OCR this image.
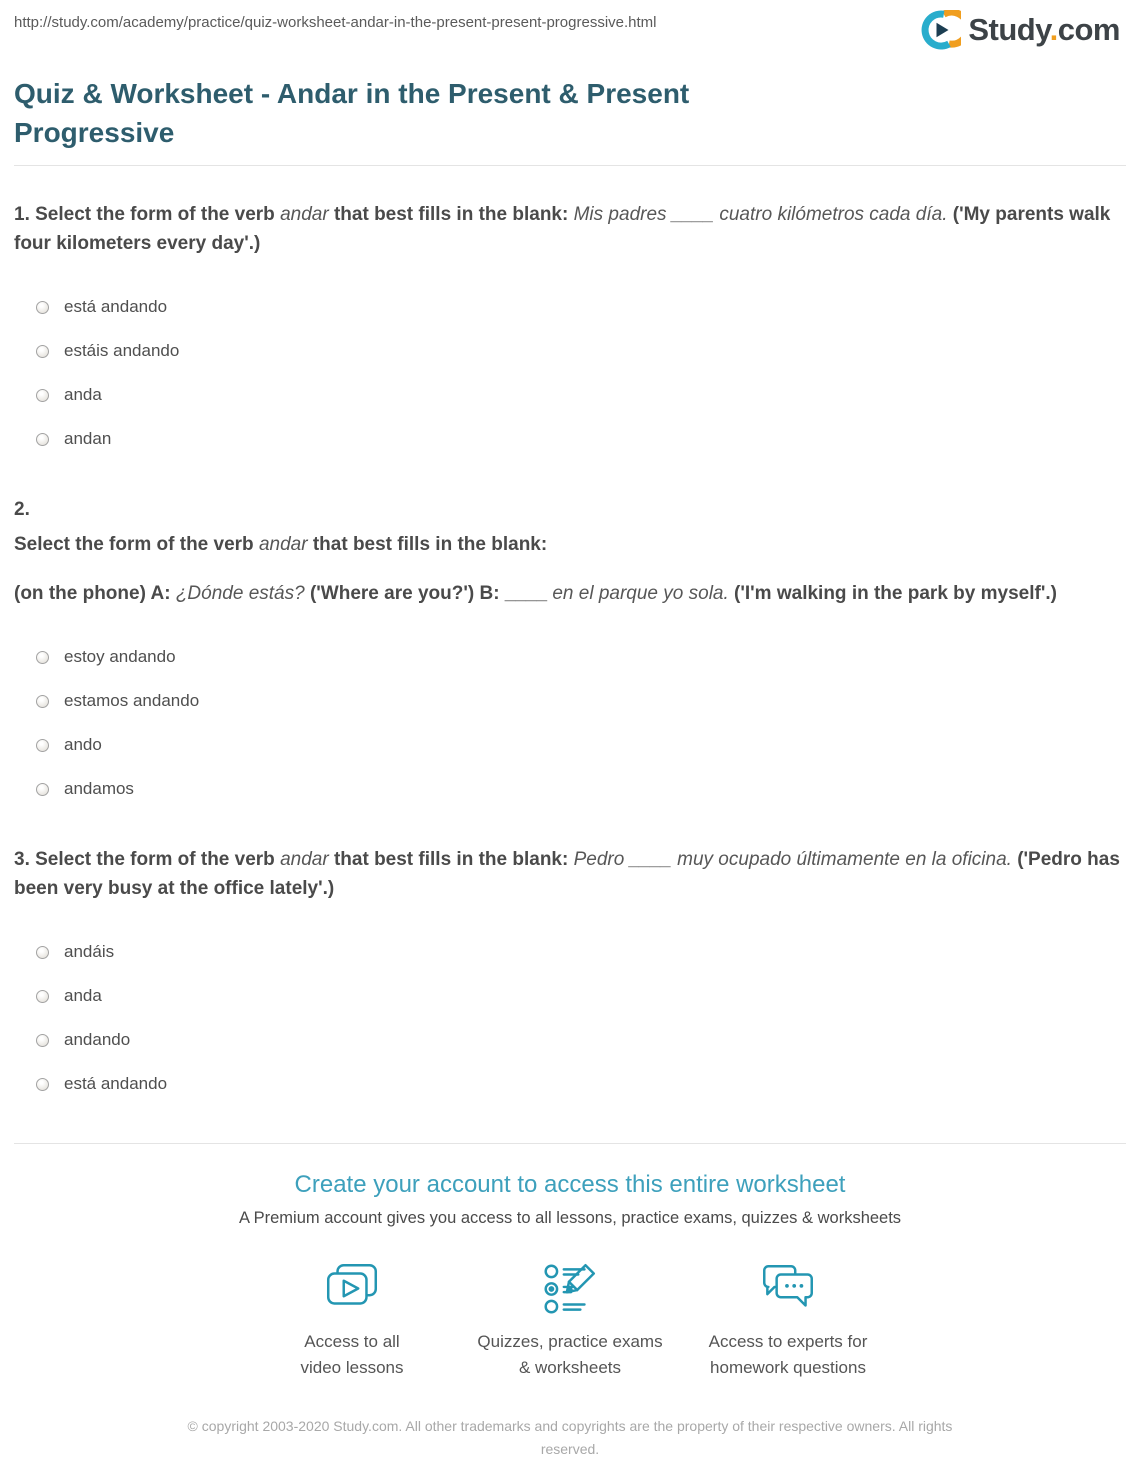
http://study.com/academy/practice/quiz-worksheet-andar-in-the-present-present-progressive.html	Study.com
Quiz & Worksheet - Andar in the Present & Present Progressive

1. Select the form of the verb andar that best fills in the blank: Mis padres ____ cuatro kilómetros cada día. ('My parents walk four kilometers every day'.)

está andando
estáis andando
anda
andan

2.

Select the form of the verb andar that best fills in the blank:

(on the phone) A: ¿Dónde estás? ('Where are you?') B: ____ en el parque yo sola. ('I'm walking in the park by myself'.)

estoy andando
estamos andando
ando
andamos

3. Select the form of the verb andar that best fills in the blank: Pedro ____ muy ocupado últimamente en la oficina. ('Pedro has been very busy at the office lately'.)

andáis
anda
andando
está andando
Create your account to access this entire worksheet

A Premium account gives you access to all lessons, practice exams, quizzes & worksheets

Access to all
video lessons
Quizzes, practice exams
& worksheets
Access to experts for
homework questions

© copyright 2003-2020 Study.com. All other trademarks and copyrights are the property of their respective owners. All rights reserved.
